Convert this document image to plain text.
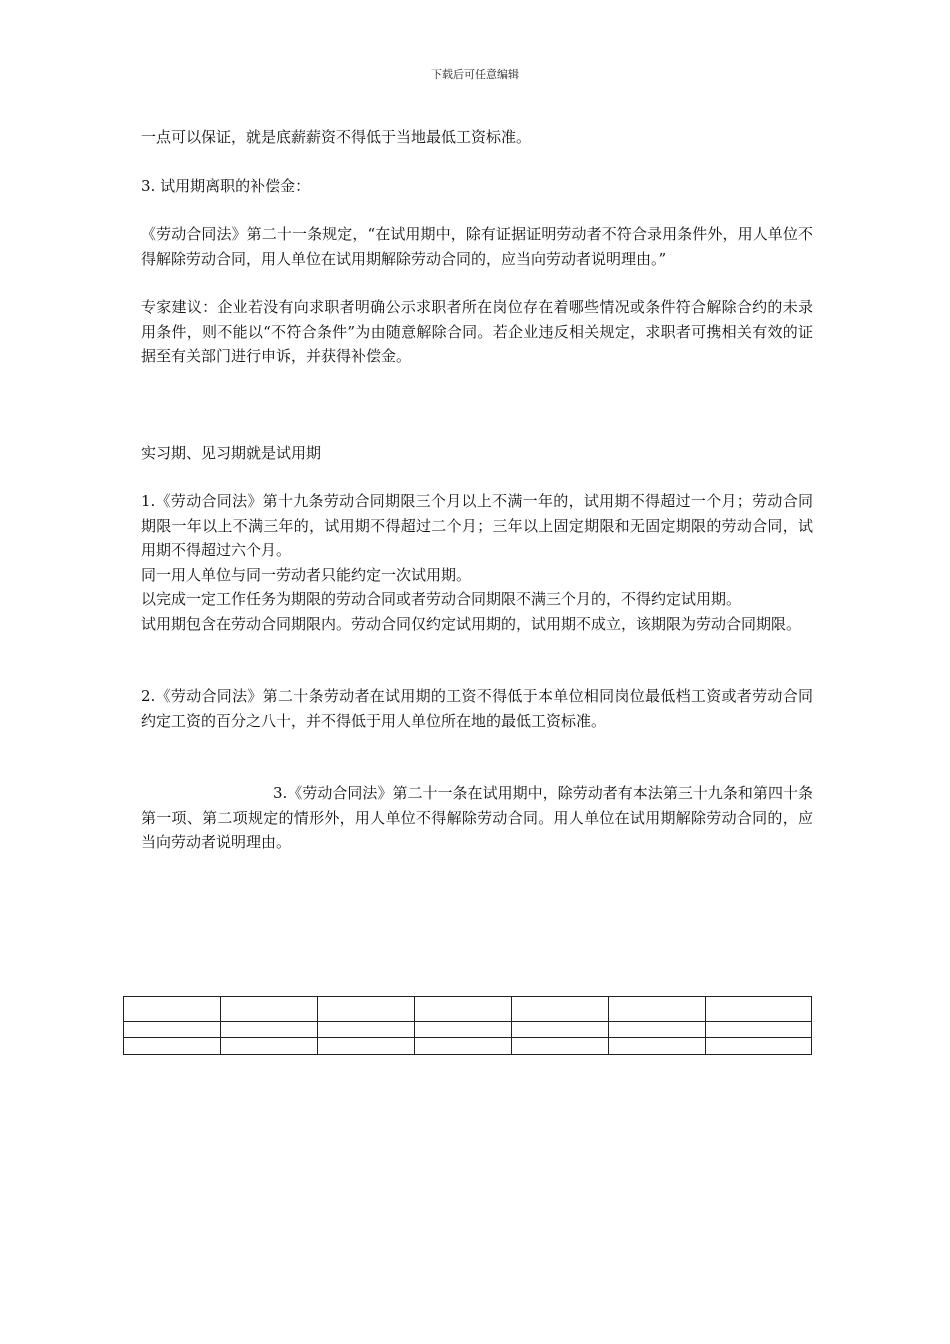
下载后可任意编辑

一点可以保证，就是底薪薪资不得低于当地最低工资标准。

3. 试用期离职的补偿金：

《劳动合同法》第二十一条规定，“在试用期中，除有证据证明劳动者不符合录用条件外，用人单位不得解除劳动合同，用人单位在试用期解除劳动合同的，应当向劳动者说明理由。”

专家建议：企业若没有向求职者明确公示求职者所在岗位存在着哪些情况或条件符合解除合约的未录用条件，则不能以“不符合条件”为由随意解除合同。若企业违反相关规定，求职者可携相关有效的证据至有关部门进行申诉，并获得补偿金。

实习期、见习期就是试用期

1.《劳动合同法》第十九条劳动合同期限三个月以上不满一年的，试用期不得超过一个月；劳动合同期限一年以上不满三年的，试用期不得超过二个月；三年以上固定期限和无固定期限的劳动合同，试用期不得超过六个月。

同一用人单位与同一劳动者只能约定一次试用期。

以完成一定工作任务为期限的劳动合同或者劳动合同期限不满三个月的，不得约定试用期。

试用期包含在劳动合同期限内。劳动合同仅约定试用期的，试用期不成立，该期限为劳动合同期限。

2.《劳动合同法》第二十条劳动者在试用期的工资不得低于本单位相同岗位最低档工资或者劳动合同约定工资的百分之八十，并不得低于用人单位所在地的最低工资标准。

3.《劳动合同法》第二十一条在试用期中，除劳动者有本法第三十九条和第四十条第一项、第二项规定的情形外，用人单位不得解除劳动合同。用人单位在试用期解除劳动合同的，应当向劳动者说明理由。
